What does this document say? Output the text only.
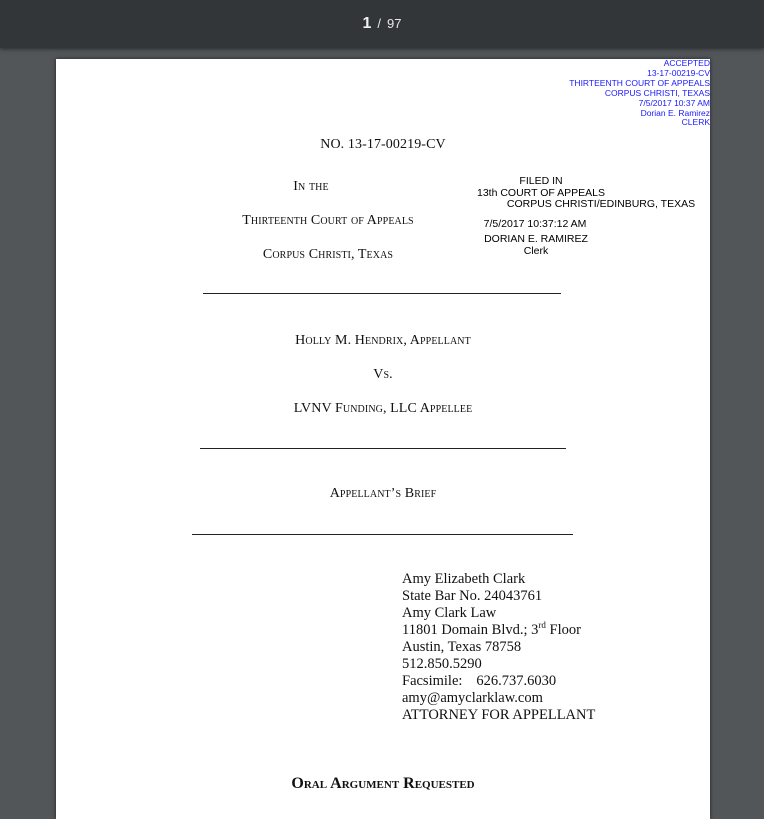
1 / 97
ACCEPTED
13-17-00219-CV
THIRTEENTH COURT OF APPEALS
CORPUS CHRISTI, TEXAS
7/5/2017 10:37 AM
Dorian E. Ramirez
CLERK
NO. 13-17-00219-CV
In the	FILED IN
13th COURT OF APPEALS
CORPUS CHRISTI/EDINBURG, TEXAS
7/5/2017 10:37:12 AM
DORIAN E. RAMIREZ
Clerk
Thirteenth Court of Appeals
Corpus Christi, Texas
Holly M. Hendrix, Appellant
Vs.
LVNV Funding, LLC Appellee
Appellant’s Brief
Amy Elizabeth Clark
State Bar No. 24043761
Amy Clark Law
11801 Domain Blvd.; 3rd Floor
Austin, Texas 78758
512.850.5290
Facsimile: 626.737.6030
amy@amyclarklaw.com
ATTORNEY FOR APPELLANT
Oral Argument Requested
